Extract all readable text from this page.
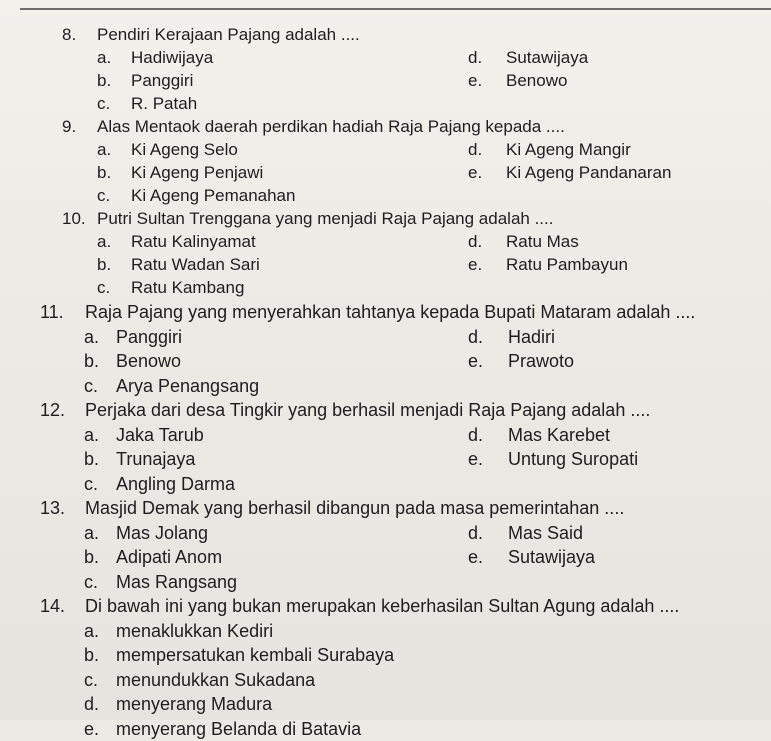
8. Pendiri Kerajaan Pajang adalah ....
a. Hadiwijaya	d. Sutawijaya
b. Panggiri	e. Benowo
c. R. Patah
9. Alas Mentaok daerah perdikan hadiah Raja Pajang kepada ....
a. Ki Ageng Selo	d. Ki Ageng Mangir
b. Ki Ageng Penjawi	e. Ki Ageng Pandanaran
c. Ki Ageng Pemanahan
10. Putri Sultan Trenggana yang menjadi Raja Pajang adalah ....
a. Ratu Kalinyamat	d. Ratu Mas
b. Ratu Wadan Sari	e. Ratu Pambayun
c. Ratu Kambang
11. Raja Pajang yang menyerahkan tahtanya kepada Bupati Mataram adalah ....
a. Panggiri	d. Hadiri
b. Benowo	e. Prawoto
c. Arya Penangsang
12. Perjaka dari desa Tingkir yang berhasil menjadi Raja Pajang adalah ....
a. Jaka Tarub	d. Mas Karebet
b. Trunajaya	e. Untung Suropati
c. Angling Darma
13. Masjid Demak yang berhasil dibangun pada masa pemerintahan ....
a. Mas Jolang	d. Mas Said
b. Adipati Anom	e. Sutawijaya
c. Mas Rangsang
14. Di bawah ini yang bukan merupakan keberhasilan Sultan Agung adalah ....
a. menaklukkan Kediri
b. mempersatukan kembali Surabaya
c. menundukkan Sukadana
d. menyerang Madura
e. menyerang Belanda di Batavia
